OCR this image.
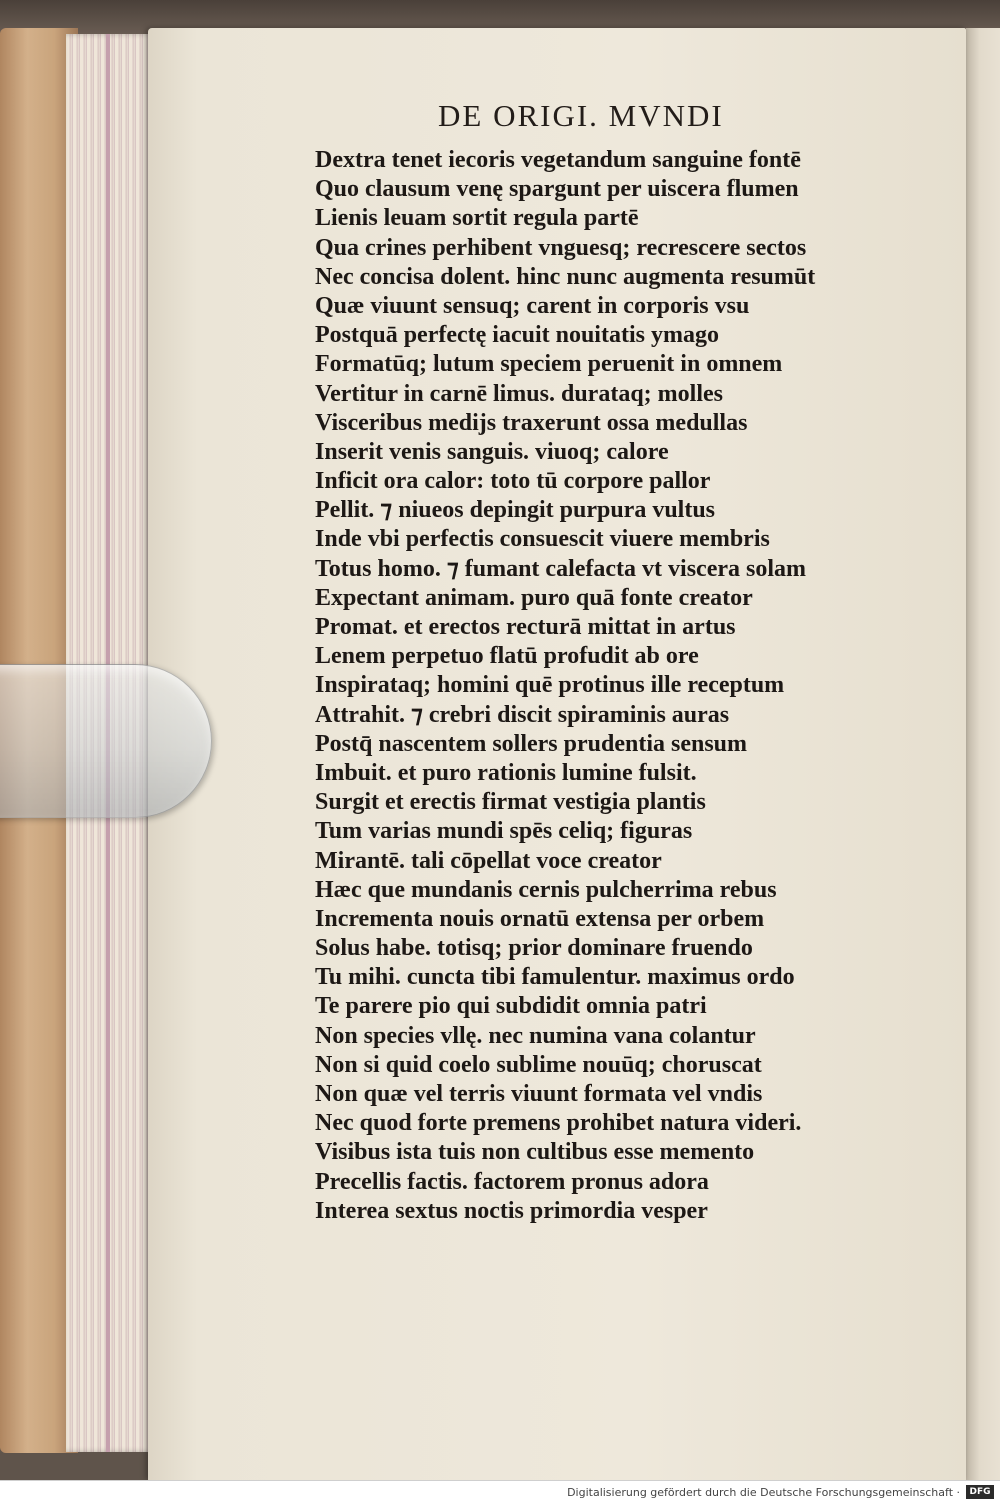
DE ORIGI. MVNDI
Dextra tenet iecoris vegetandum sanguine fontē
Quo clausum venę spargunt per uiscera flumen
Lienis leuam sortit regula partē
Qua crines perhibent vnguesq; recrescere sectos
Nec concisa dolent. hinc nunc augmenta resumūt
Quæ viuunt sensuq; carent in corporis vsu
Postquā perfectę iacuit nouitatis ymago
Formatūq; lutum speciem peruenit in omnem
Vertitur in carnē limus. durataq; molles
Visceribus medijs traxerunt ossa medullas
Inserit venis sanguis. viuoq; calore
Inficit ora calor: toto tū corpore pallor
Pellit. ⁊ niueos depingit purpura vultus
Inde vbi perfectis consuescit viuere membris
Totus homo. ⁊ fumant calefacta vt viscera solam
Expectant animam. puro quā fonte creator
Promat. et erectos recturā mittat in artus
Lenem perpetuo flatū profudit ab ore
Inspirataq; homini quē protinus ille receptum
Attrahit. ⁊ crebri discit spiraminis auras
Postq̄ nascentem sollers prudentia sensum
Imbuit. et puro rationis lumine fulsit.
Surgit et erectis firmat vestigia plantis
Tum varias mundi spēs celiq; figuras
Mirantē. tali cōpellat voce creator
Hæc que mundanis cernis pulcherrima rebus
Incrementa nouis ornatū extensa per orbem
Solus habe. totisq; prior dominare fruendo
Tu mihi. cuncta tibi famulentur. maximus ordo
Te parere pio qui subdidit omnia patri
Non species vllę. nec numina vana colantur
Non si quid coelo sublime nouūq; choruscat
Non quæ vel terris viuunt formata vel vndis
Nec quod forte premens prohibet natura videri.
Visibus ista tuis non cultibus esse memento
Precellis factis. factorem pronus adora
Interea sextus noctis primordia vesper
Digitalisierung gefördert durch die Deutsche Forschungsgemeinschaft ·	DFG
